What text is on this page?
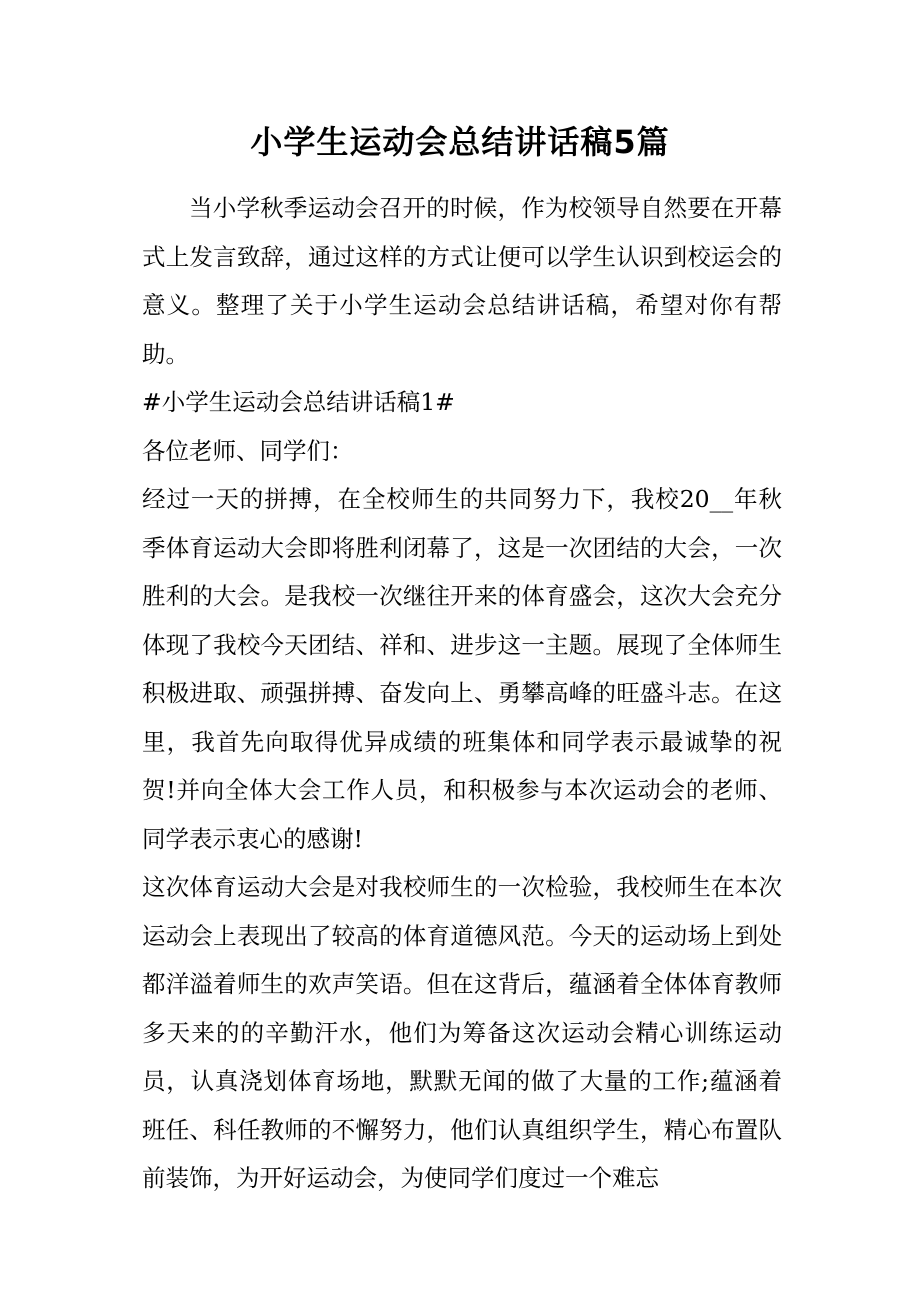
小学生运动会总结讲话稿5篇

当小学秋季运动会召开的时候，作为校领导自然要在开幕式上发言致辞，通过这样的方式让便可以学生认识到校运会的意义。整理了关于小学生运动会总结讲话稿，希望对你有帮助。

#小学生运动会总结讲话稿1#

各位老师、同学们：

经过一天的拼搏，在全校师生的共同努力下，我校20__年秋季体育运动大会即将胜利闭幕了，这是一次团结的大会，一次胜利的大会。是我校一次继往开来的体育盛会，这次大会充分体现了我校今天团结、祥和、进步这一主题。展现了全体师生积极进取、顽强拼搏、奋发向上、勇攀高峰的旺盛斗志。在这里，我首先向取得优异成绩的班集体和同学表示最诚挚的祝贺!并向全体大会工作人员，和积极参与本次运动会的老师、同学表示衷心的感谢!

这次体育运动大会是对我校师生的一次检验，我校师生在本次运动会上表现出了较高的体育道德风范。今天的运动场上到处都洋溢着师生的欢声笑语。但在这背后，蕴涵着全体体育教师多天来的的辛勤汗水，他们为筹备这次运动会精心训练运动员，认真浇划体育场地，默默无闻的做了大量的工作;蕴涵着班任、科任教师的不懈努力，他们认真组织学生，精心布置队前装饰，为开好运动会，为使同学们度过一个难忘
